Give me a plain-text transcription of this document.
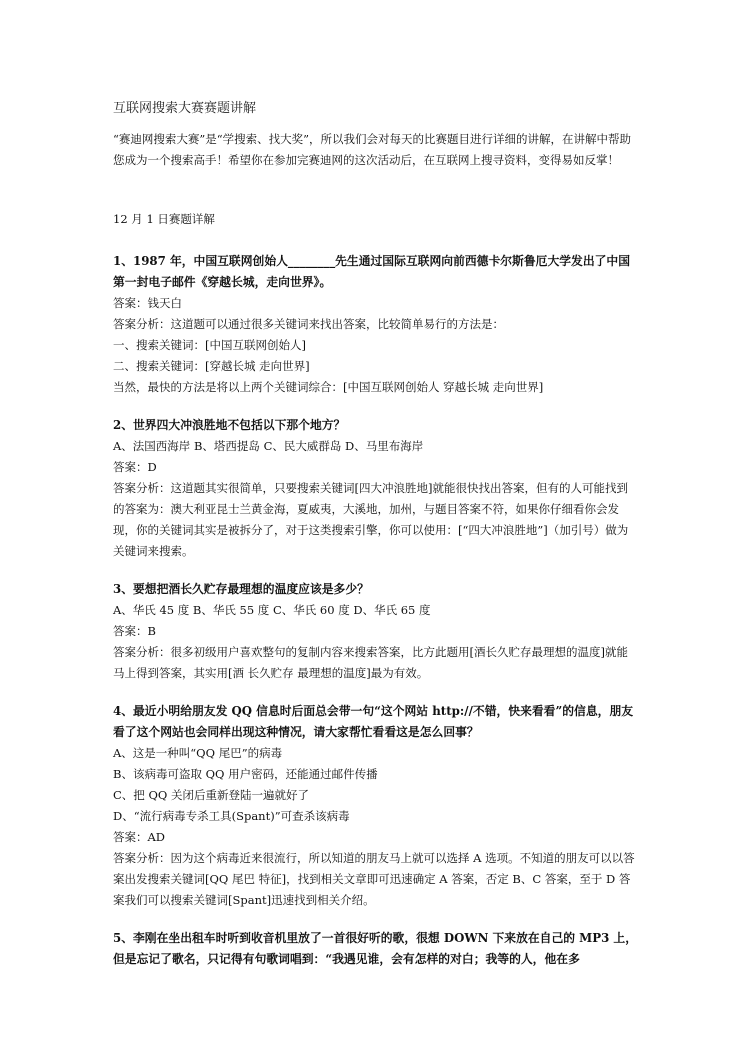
互联网搜索大赛赛题讲解

“赛迪网搜索大赛”是“学搜索、找大奖”，所以我们会对每天的比赛题目进行详细的讲解，在讲解中帮助您成为一个搜索高手！希望你在参加完赛迪网的这次活动后，在互联网上搜寻资料，变得易如反掌！

12 月 1 日赛题详解

1、1987 年，中国互联网创始人________先生通过国际互联网向前西德卡尔斯鲁厄大学发出了中国第一封电子邮件《穿越长城，走向世界》。

答案：钱天白

答案分析：这道题可以通过很多关键词来找出答案，比较简单易行的方法是：

一、搜索关键词：[中国互联网创始人]

二、搜索关键词：[穿越长城 走向世界]

当然，最快的方法是将以上两个关键词综合：[中国互联网创始人 穿越长城 走向世界]

2、世界四大冲浪胜地不包括以下那个地方？

A、法国西海岸 B、塔西提岛 C、民大威群岛 D、马里布海岸

答案：D

答案分析：这道题其实很简单，只要搜索关键词[四大冲浪胜地]就能很快找出答案，但有的人可能找到的答案为：澳大利亚昆士兰黄金海，夏威夷，大溪地，加州，与题目答案不符，如果你仔细看你会发现，你的关键词其实是被拆分了，对于这类搜索引擎，你可以使用：[“四大冲浪胜地”]（加引号）做为关键词来搜索。

3、要想把酒长久贮存最理想的温度应该是多少？

A、华氏 45 度 B、华氏 55 度 C、华氏 60 度 D、华氏 65 度

答案：B

答案分析：很多初级用户喜欢整句的复制内容来搜索答案，比方此题用[酒长久贮存最理想的温度]就能马上得到答案，其实用[酒 长久贮存 最理想的温度]最为有效。

4、最近小明给朋友发 QQ 信息时后面总会带一句“这个网站 http://不错，快来看看”的信息，朋友看了这个网站也会同样出现这种情况，请大家帮忙看看这是怎么回事？

A、这是一种叫“QQ 尾巴”的病毒

B、该病毒可盗取 QQ 用户密码，还能通过邮件传播

C、把 QQ 关闭后重新登陆一遍就好了

D、“流行病毒专杀工具(Spant)”可查杀该病毒

答案：AD

答案分析：因为这个病毒近来很流行，所以知道的朋友马上就可以选择 A 选项。不知道的朋友可以以答案出发搜索关键词[QQ 尾巴 特征]，找到相关文章即可迅速确定 A 答案，否定 B、C 答案，至于 D 答案我们可以搜索关键词[Spant]迅速找到相关介绍。

5、李刚在坐出租车时听到收音机里放了一首很好听的歌，很想 DOWN 下来放在自己的 MP3 上，但是忘记了歌名，只记得有句歌词唱到：“我遇见谁，会有怎样的对白；我等的人，他在多
